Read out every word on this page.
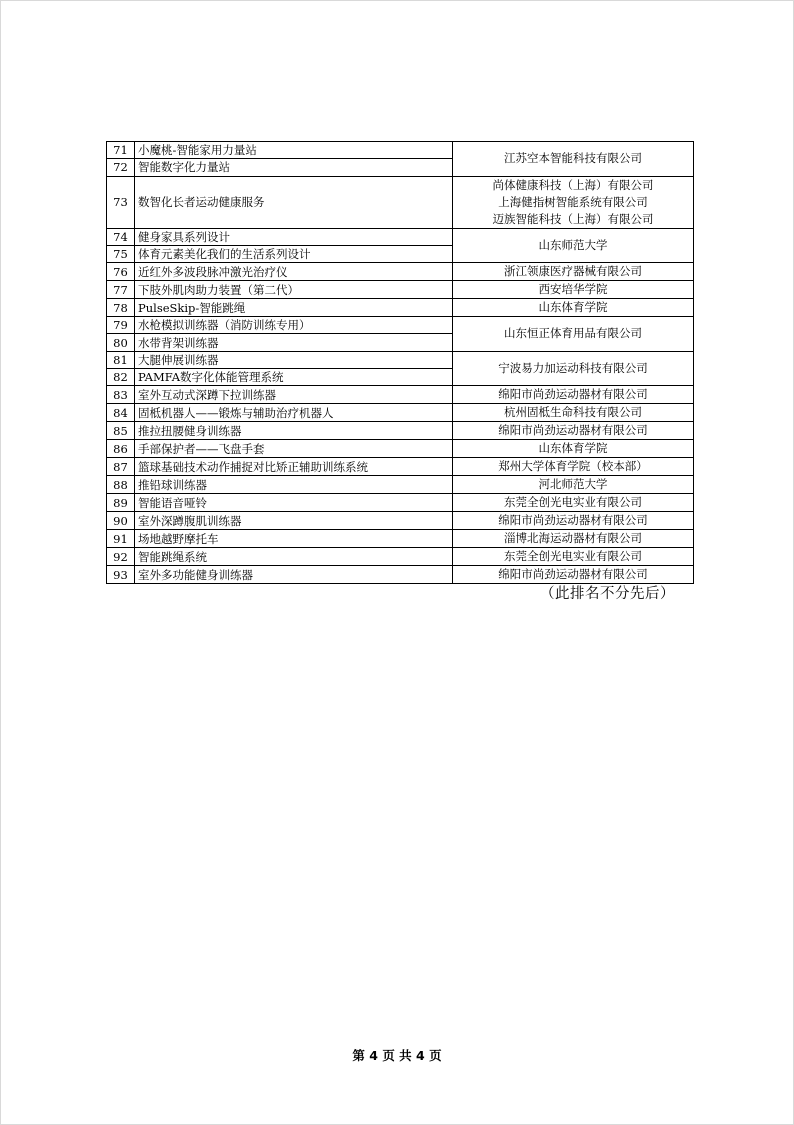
71	小魔桃-智能家用力量站	江苏空本智能科技有限公司

72	智能数字化力量站	
73	数智化长者运动健康服务	尚体健康科技（上海）有限公司
上海健指树智能系统有限公司
迈族智能科技（上海）有限公司

74	健身家具系列设计	山东师范大学

75	体育元素美化我们的生活系列设计	
76	近红外多波段脉冲激光治疗仪	浙江领康医疗器械有限公司

77	下肢外肌肉助力装置（第二代）	西安培华学院

78	PulseSkip-智能跳绳	山东体育学院

79	水枪模拟训练器（消防训练专用）	山东恒正体育用品有限公司

80	水带背架训练器	
81	大腿伸展训练器	宁波易力加运动科技有限公司

82	PAMFA数字化体能管理系统	
83	室外互动式深蹲下拉训练器	绵阳市尚劲运动器材有限公司

84	固柢机器人——锻炼与辅助治疗机器人	杭州固柢生命科技有限公司

85	推拉扭腰健身训练器	绵阳市尚劲运动器材有限公司

86	手部保护者——飞盘手套	山东体育学院

87	篮球基础技术动作捕捉对比矫正辅助训练系统	郑州大学体育学院（校本部）

88	推铅球训练器	河北师范大学

89	智能语音哑铃	东莞全创光电实业有限公司

90	室外深蹲腹肌训练器	绵阳市尚劲运动器材有限公司

91	场地越野摩托车	淄博北海运动器材有限公司

92	智能跳绳系统	东莞全创光电实业有限公司

93	室外多功能健身训练器	绵阳市尚劲运动器材有限公司
（此排名不分先后）
第 4 页 共 4 页
